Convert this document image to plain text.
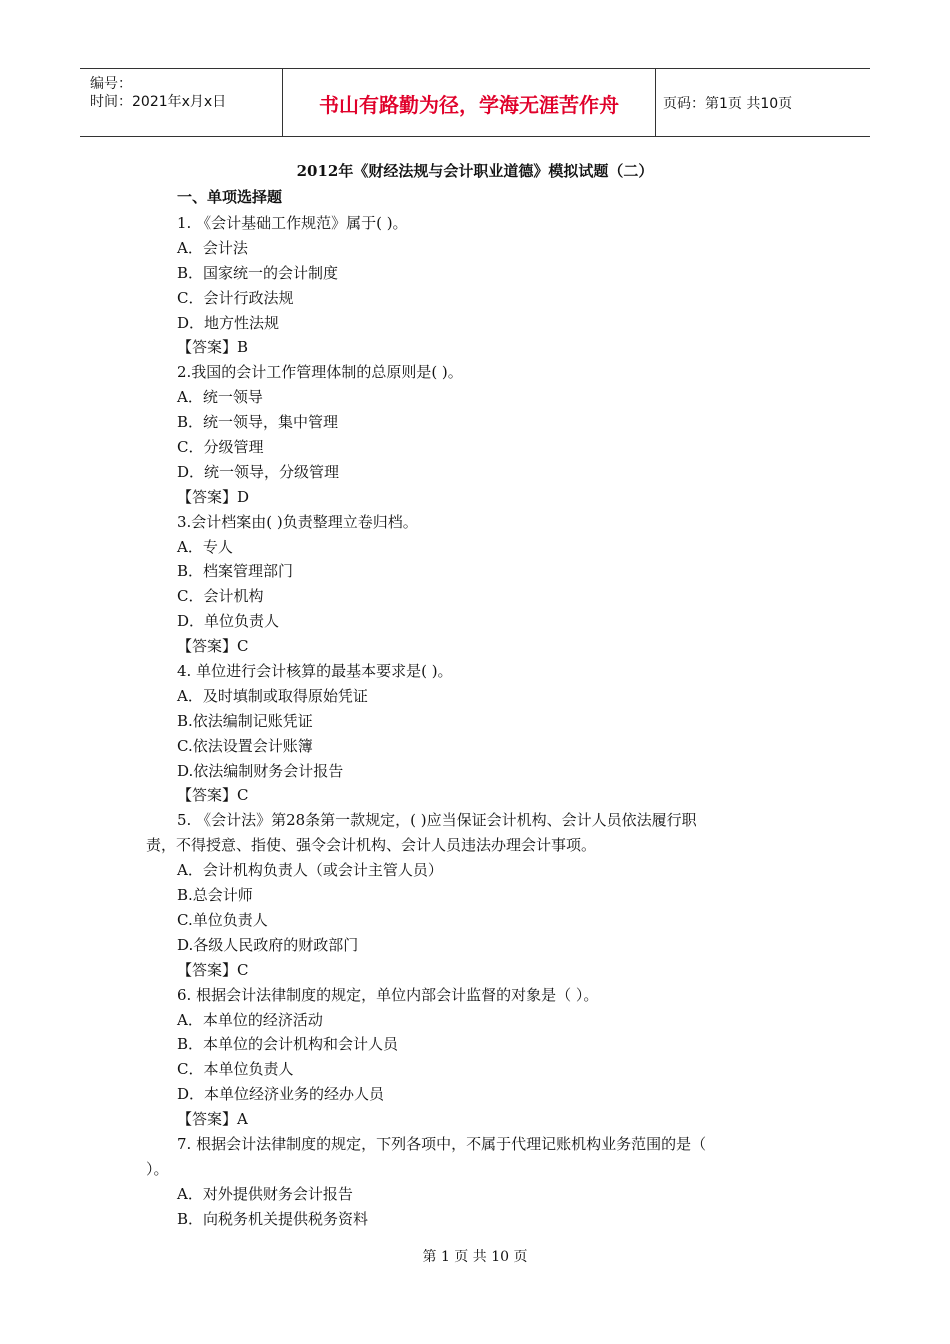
编号：
时间：2021年x月x日	书山有路勤为径，学海无涯苦作舟	页码：第1页 共10页
2012年《财经法规与会计职业道德》模拟试题（二）
一、单项选择题
1. 《会计基础工作规范》属于( )。
A．会计法
B．国家统一的会计制度
C．会计行政法规
D．地方性法规
【答案】B
2.我国的会计工作管理体制的总原则是( )。
A．统一领导
B．统一领导，集中管理
C．分级管理
D．统一领导，分级管理
【答案】D
3.会计档案由( )负责整理立卷归档。
A．专人
B．档案管理部门
C．会计机构
D．单位负责人
【答案】C
4. 单位进行会计核算的最基本要求是( )。
A．及时填制或取得原始凭证
B.依法编制记账凭证
C.依法设置会计账簿
D.依法编制财务会计报告
【答案】C
5. 《会计法》第28条第一款规定，( )应当保证会计机构、会计人员依法履行职
责，不得授意、指使、强令会计机构、会计人员违法办理会计事项。
A．会计机构负责人（或会计主管人员）
B.总会计师
C.单位负责人
D.各级人民政府的财政部门
【答案】C
6. 根据会计法律制度的规定，单位内部会计监督的对象是（ ）。
A．本单位的经济活动
B．本单位的会计机构和会计人员
C．本单位负责人
D．本单位经济业务的经办人员
【答案】A
7. 根据会计法律制度的规定，下列各项中，不属于代理记账机构业务范围的是（
）。
A．对外提供财务会计报告
B．向税务机关提供税务资料
第 1 页 共 10 页
